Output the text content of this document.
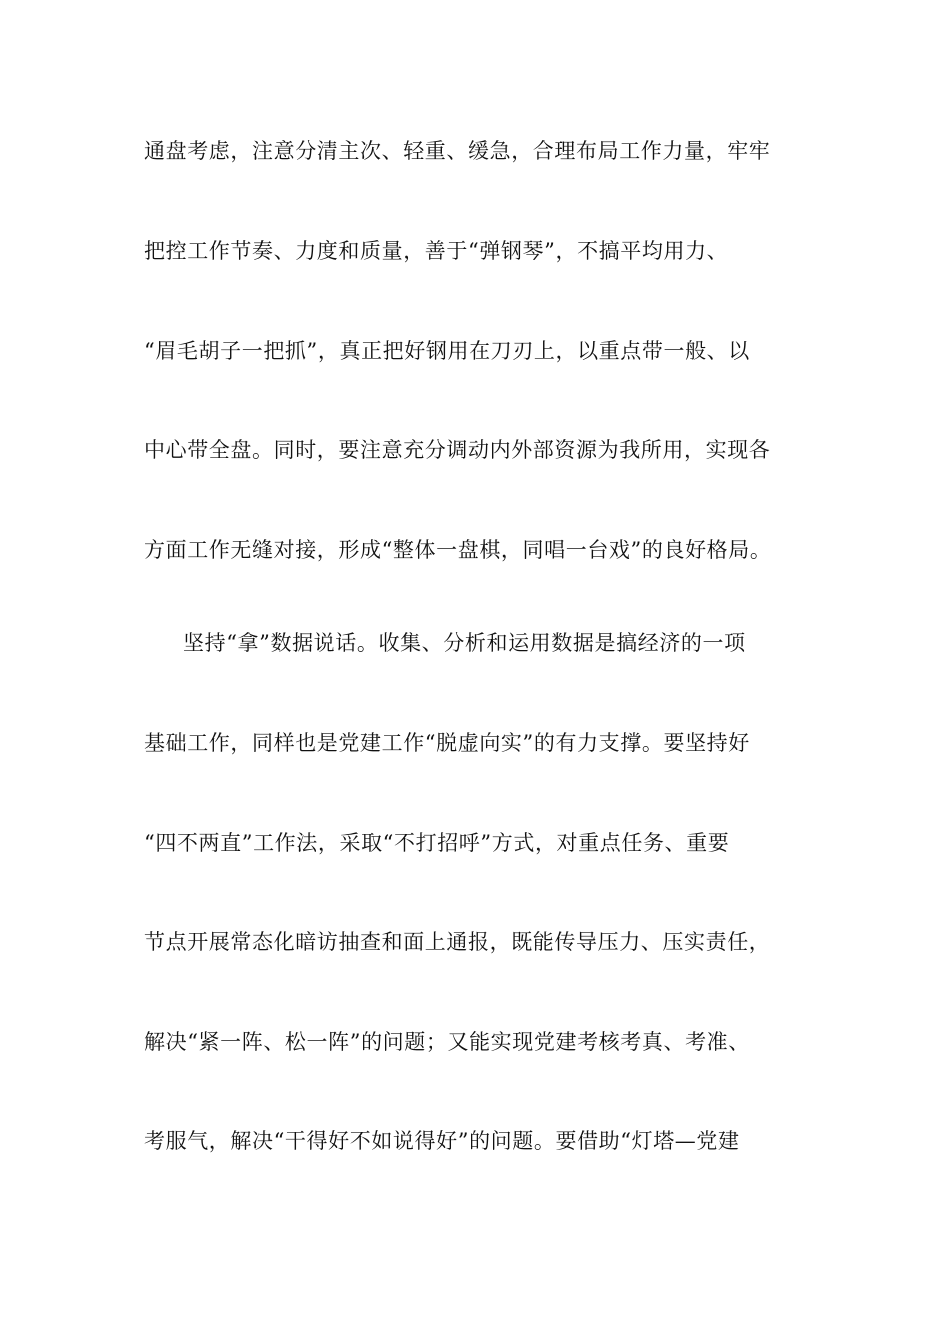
通盘考虑，注意分清主次、轻重、缓急，合理布局工作力量，牢牢
把控工作节奏、力度和质量，善于“弹钢琴”，不搞平均用力、
“眉毛胡子一把抓”，真正把好钢用在刀刃上，以重点带一般、以
中心带全盘。同时，要注意充分调动内外部资源为我所用，实现各
方面工作无缝对接，形成“整体一盘棋，同唱一台戏”的良好格局。
坚持“拿”数据说话。收集、分析和运用数据是搞经济的一项
基础工作，同样也是党建工作“脱虚向实”的有力支撑。要坚持好
“四不两直”工作法，采取“不打招呼”方式，对重点任务、重要
节点开展常态化暗访抽查和面上通报，既能传导压力、压实责任，
解决“紧一阵、松一阵”的问题；又能实现党建考核考真、考准、
考服气，解决“干得好不如说得好”的问题。要借助“灯塔—党建
